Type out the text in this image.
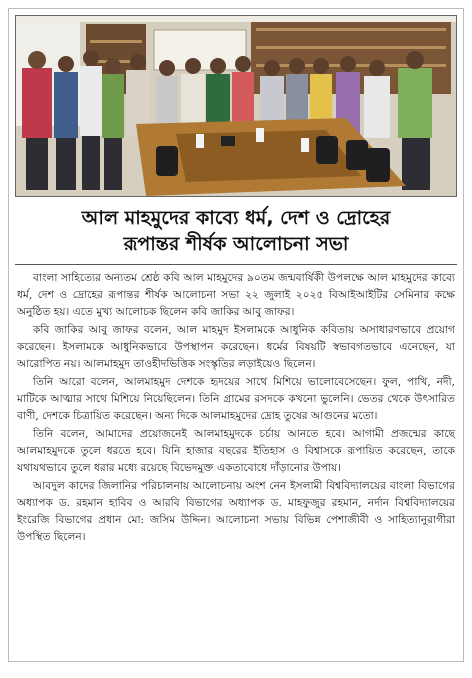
আল মাহমুদের কাব্যে ধর্ম, দেশ ও দ্রোহের
রূপান্তর শীর্ষক আলোচনা সভা

বাংলা সাহিত্যের অন্যতম শ্রেষ্ঠ কবি আল মাহমুদের ৯০তম জন্মবার্ষিকী উপলক্ষে আল মাহমুদের কাব্যে ধর্ম, দেশ ও দ্রোহের রূপান্তর শীর্ষক আলোচনা সভা ২২ জুলাই ২০২৫ বিআইআইটির সেমিনার কক্ষে অনুষ্ঠিত হয়। এতে মুখ্য আলোচক ছিলেন কবি জাকির আবু জাফর।

কবি জাকির আবু জাফর বলেন, আল মাহমুদ ইসলামকে আধুনিক কবিতায় অসাধারণভাবে প্রয়োগ করেছেন। ইসলামকে আধুনিকভাবে উপস্থাপন করেছেন। ধর্মের বিষয়টি স্বভাবগতভাবে এনেছেন, যা আরোপিত নয়। আলমাহমুদ তাওহীদভিত্তিক সংস্কৃতির লড়াইয়েও ছিলেন।

তিনি আরো বলেন, আলমাহমুদ দেশকে হৃদয়ের সাথে মিশিয়ে ভালোবেসেছেন। ফুল, পাখি, নদী, মাটিকে আত্মার সাথে মিশিয়ে নিয়েছিলেন। তিনি গ্রামের রসদকে কখনো ভুলেনি। ভেতর থেকে উৎসারিত বাণী, দেশকে চিত্রায়িত করেছেন। অন্য দিকে আলমাহমুদের দ্রোহ তুষের আগুনের মতো।

তিনি বলেন, আমাদের প্রয়োজনেই আলমাহমুদকে চর্চায় আনতে হবে। আগামী প্রজন্মের কাছে আলমাহমুদকে তুলে ধরতে হবে। যিনি হাজার বছরের ইতিহাস ও বিশ্বাসকে রূপায়িত করেছেন, তাকে যথাযথভাবে তুলে ধরার মধ্যে রয়েছে বিভেদমুক্ত একতাবোধে দাঁড়ানোর উপায়।

আবদুল কাদের জিলানির পরিচালনায় আলোচনায় অংশ নেন ইসলামী বিশ্ববিদ্যালয়ের বাংলা বিভাগের অধ্যাপক ড. রহমান হাবিব ও আরবি বিভাগের অধ্যাপক ড. মাহফুজুর রহমান, নর্দান বিশ্ববিদ্যালয়ের ইংরেজি বিভাগের প্রধান মো: জসিম উদ্দিন। আলোচনা সভায় বিভিন্ন পেশাজীবী ও সাহিত্যানুরাগীরা উপস্থিত ছিলেন।
